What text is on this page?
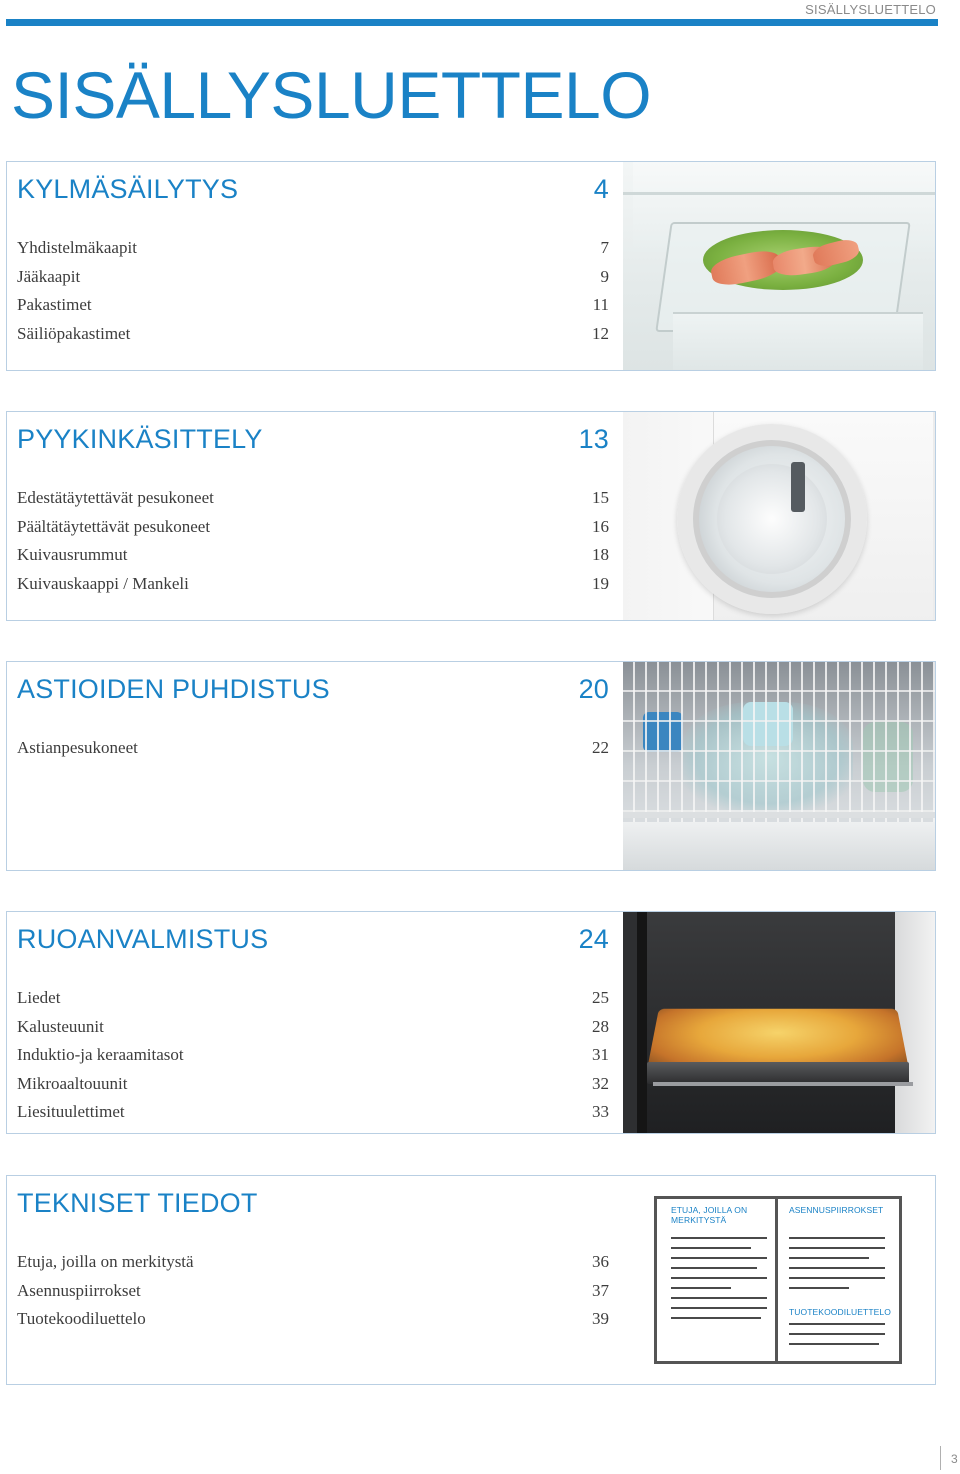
SISÄLLYSLUETTELO
SISÄLLYSLUETTELO
KYLMÄSÄILYTYS	4
Yhdistelmäkaapit	7
Jääkaapit	9
Pakastimet	11
Säiliöpakastimet	12
PYYKINKÄSITTELY	13
Edestätäytettävät pesukoneet	15
Päältätäytettävät pesukoneet	16
Kuivausrummut	18
Kuivauskaappi / Mankeli	19
ASTIOIDEN PUHDISTUS	20
Astianpesukoneet	22
RUOANVALMISTUS	24
Liedet	25
Kalusteuunit	28
Induktio-ja keraamitasot	31
Mikroaaltouunit	32
Liesituulettimet	33
TEKNISET TIEDOT
Etuja, joilla on merkitystä	36
Asennuspiirrokset	37
Tuotekoodiluettelo	39
ETUJA, JOILLA ON MERKITYSTÄ
ASENNUSPIIRROKSET
TUOTEKOODILUETTELO
3
